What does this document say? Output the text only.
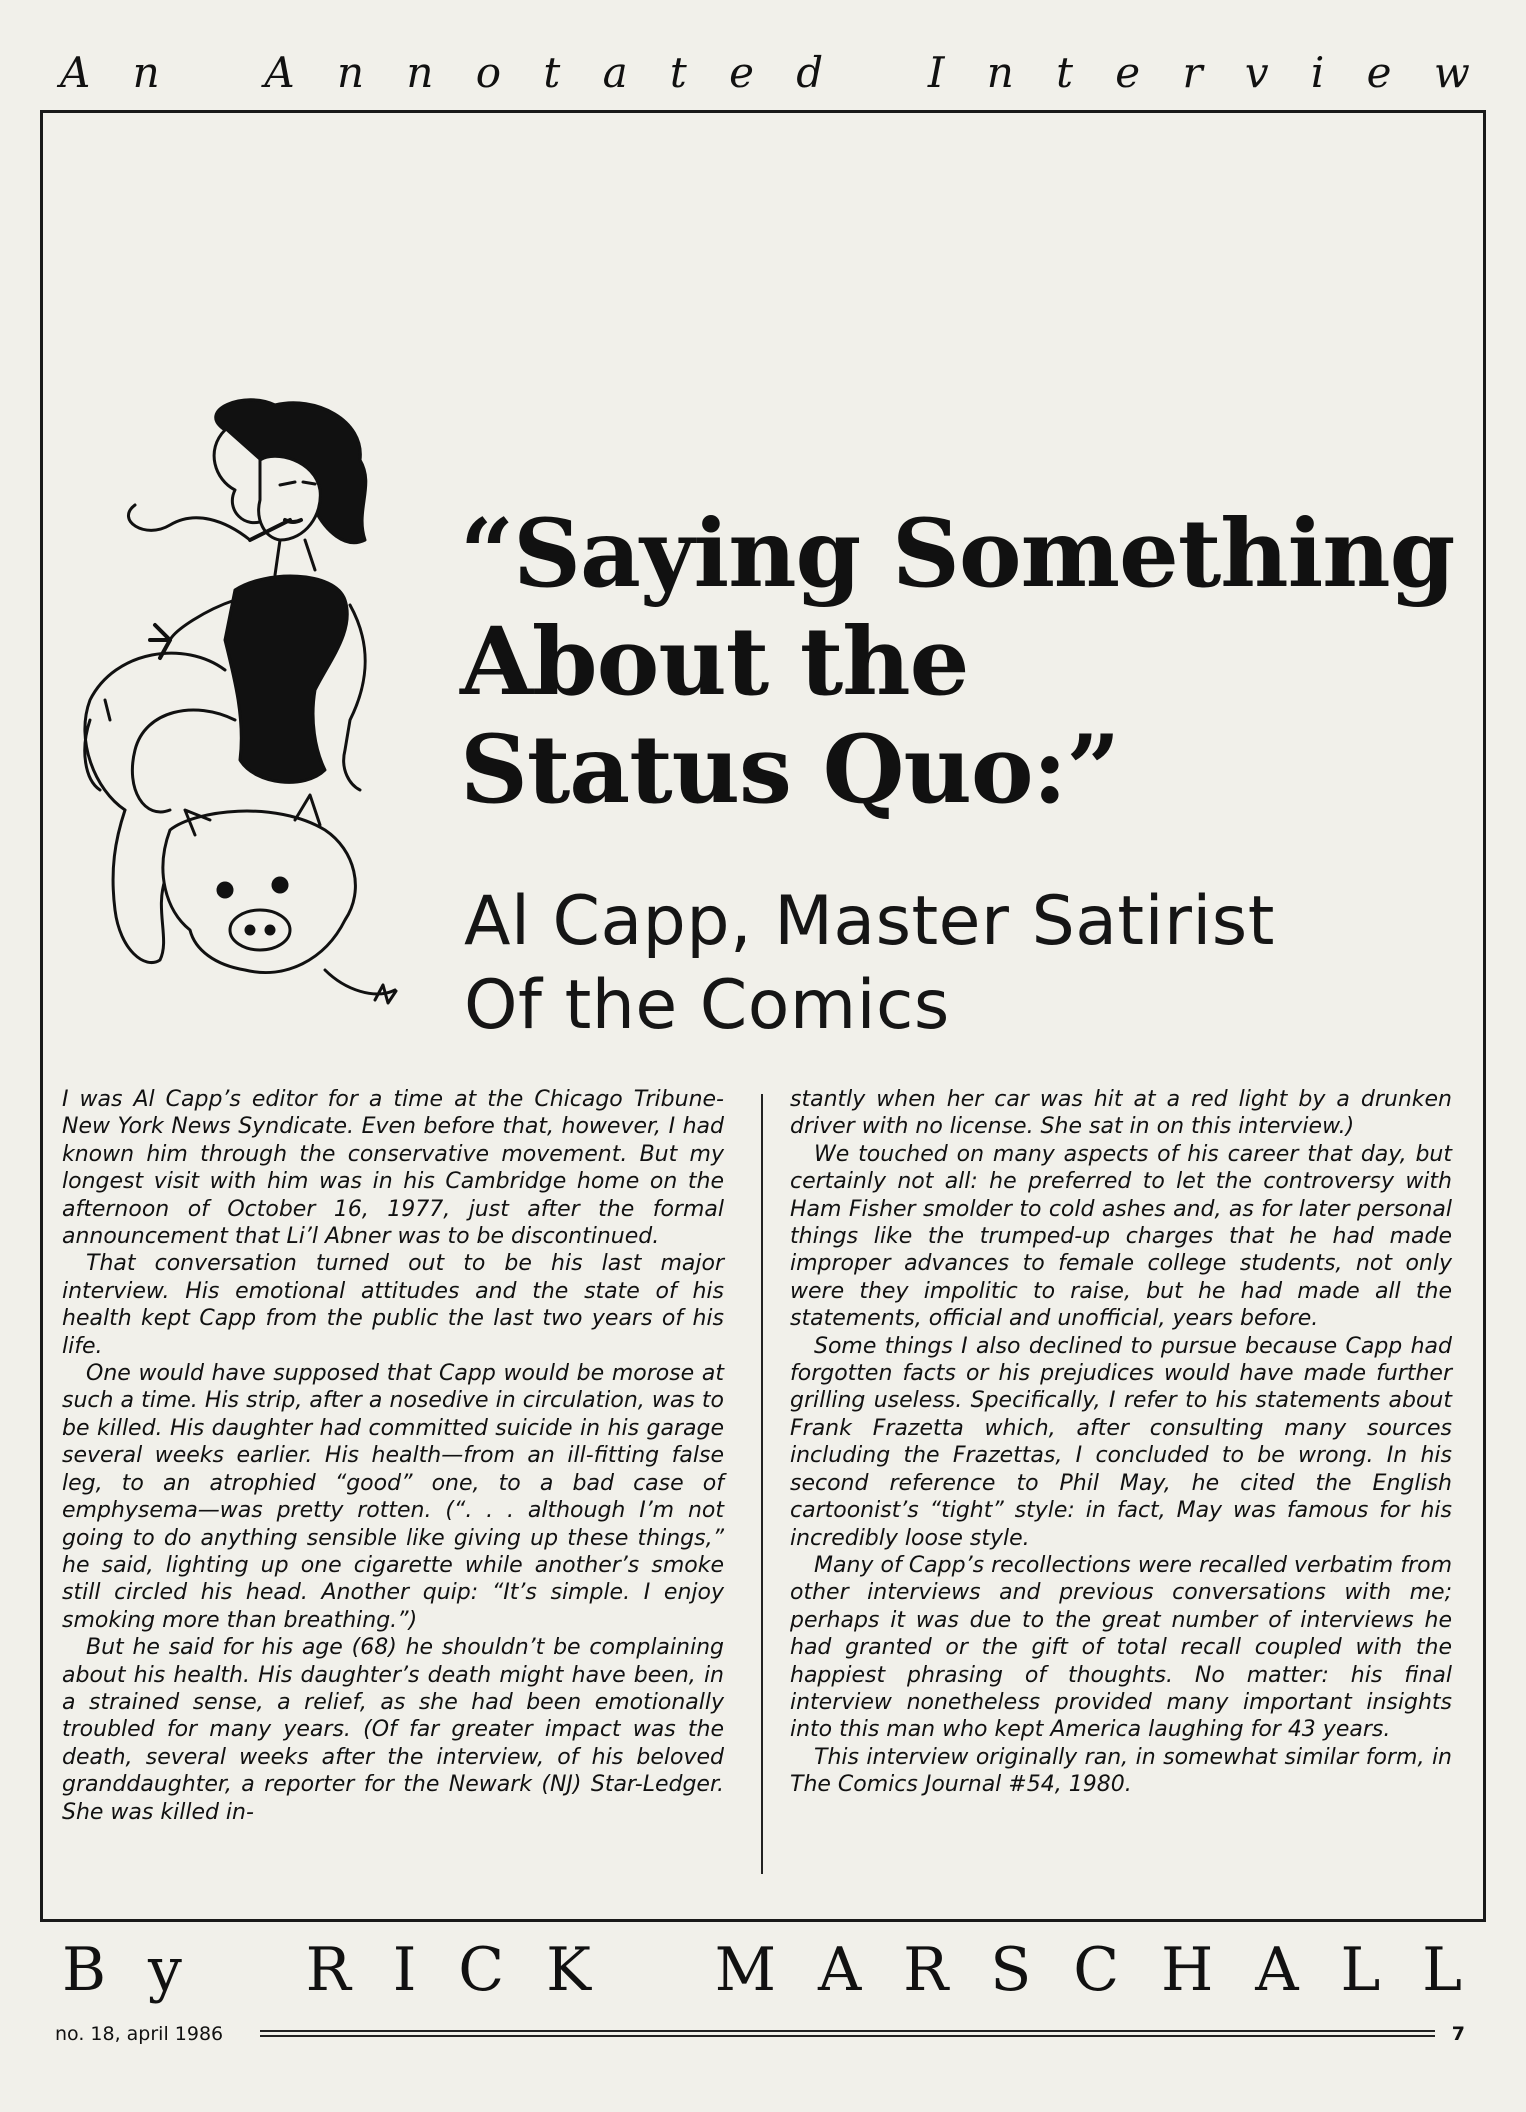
A n A n n o t a t e d I n t e r v i e w
“Saying Something
About the
Status Quo:”
Al Capp, Master Satirist
Of the Comics

I was Al Capp’s editor for a time at the Chicago Tribune-New York News Syndicate. Even before that, however, I had known him through the conservative movement. But my longest visit with him was in his Cambridge home on the afternoon of October 16, 1977, just after the formal announcement that Li’l Abner was to be discontinued.

That conversation turned out to be his last major interview. His emotional attitudes and the state of his health kept Capp from the public the last two years of his life.

One would have supposed that Capp would be morose at such a time. His strip, after a nosedive in circulation, was to be killed. His daughter had committed suicide in his garage several weeks earlier. His health—from an ill-fitting false leg, to an atrophied “good” one, to a bad case of emphysema—was pretty rotten. (“. . . although I’m not going to do anything sensible like giving up these things,” he said, lighting up one cigarette while another’s smoke still circled his head. Another quip: “It’s simple. I enjoy smoking more than breathing.”)

But he said for his age (68) he shouldn’t be complaining about his health. His daughter’s death might have been, in a strained sense, a relief, as she had been emotionally troubled for many years. (Of far greater impact was the death, several weeks after the interview, of his beloved granddaughter, a reporter for the Newark (NJ) Star-Ledger. She was killed in-

stantly when her car was hit at a red light by a drunken driver with no license. She sat in on this interview.)

We touched on many aspects of his career that day, but certainly not all: he preferred to let the controversy with Ham Fisher smolder to cold ashes and, as for later personal things like the trumped-up charges that he had made improper advances to female college students, not only were they impolitic to raise, but he had made all the statements, official and unofficial, years before.

Some things I also declined to pursue because Capp had forgotten facts or his prejudices would have made further grilling useless. Specifically, I refer to his statements about Frank Frazetta which, after consulting many sources including the Frazettas, I concluded to be wrong. In his second reference to Phil May, he cited the English cartoonist’s “tight” style: in fact, May was famous for his incredibly loose style.

Many of Capp’s recollections were recalled verbatim from other interviews and previous conversations with me; perhaps it was due to the great number of interviews he had granted or the gift of total recall coupled with the happiest phrasing of thoughts. No matter: his final interview nonetheless provided many important insights into this man who kept America laughing for 43 years.

This interview originally ran, in somewhat similar form, in The Comics Journal #54, 1980.

B y R I C K M A R S C H A L L
no. 18, april 1986	7
